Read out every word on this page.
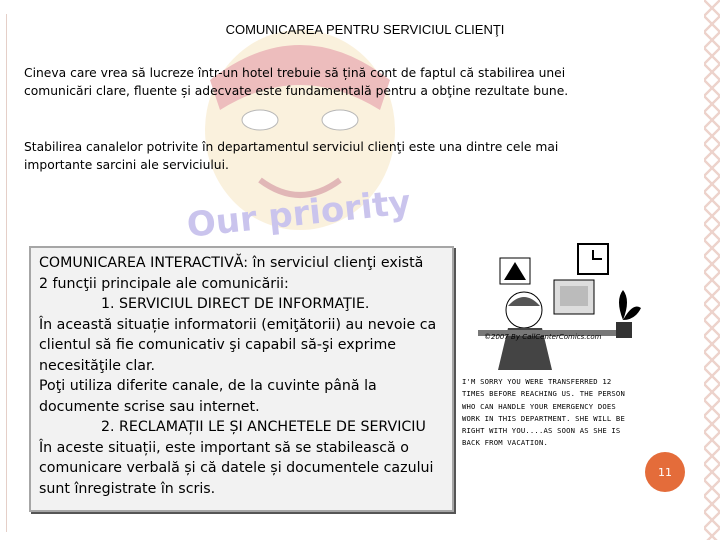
Our priority
COMUNICAREA PENTRU SERVICIUL CLIENŢI
Cineva care vrea să lucreze într-un hotel trebuie să țină cont de faptul că stabilirea unei
comunicări clare, fluente și adecvate este fundamentală pentru a obţine rezultate bune.
Stabilirea canalelor potrivite în departamentul serviciul clienţi este una dintre cele mai
importante sarcini ale serviciului.
COMUNICAREA INTERACTIVĂ: în serviciul clienţi există
2 funcţii principale ale comunicării:
1. SERVICIUL DIRECT DE INFORMAŢIE.
În această situație informatorii (emiţătorii) au nevoie ca
clientul să fie comunicativ şi capabil să-şi exprime
necesităţile clar.
Poţi utiliza diferite canale, de la cuvinte până la
documente scrise sau internet.
2. RECLAMAȚII LE ȘI ANCHETELE DE SERVICIU
În aceste situații, este important să se stabilească o
comunicare verbală și că datele și documentele cazului
sunt înregistrate în scris.
©2007 By CallCenterComics.com
I'M SORRY YOU WERE TRANSFERRED 12
TIMES BEFORE REACHING US. THE PERSON
WHO CAN HANDLE YOUR EMERGENCY DOES
WORK IN THIS DEPARTMENT. SHE WILL BE
RIGHT WITH YOU....AS SOON AS SHE IS
BACK FROM VACATION.
11
